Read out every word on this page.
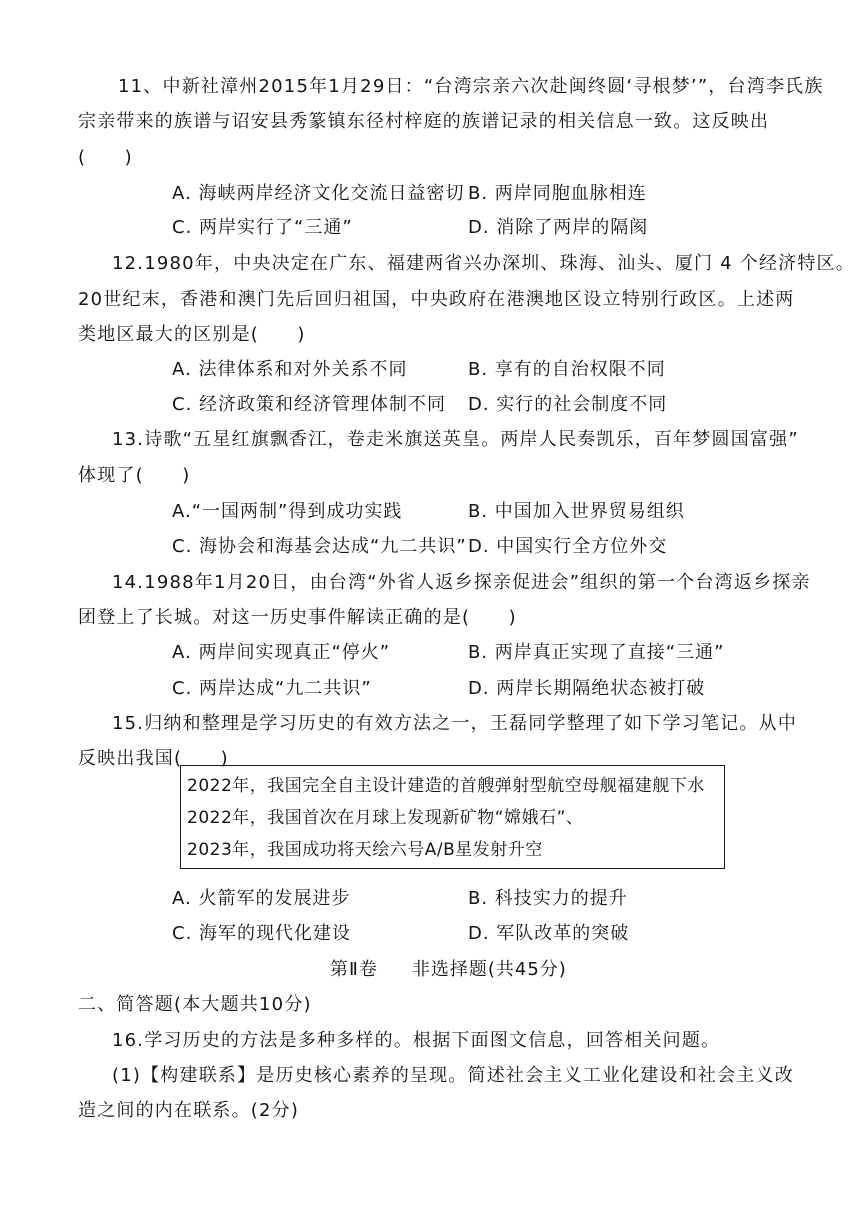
11、中新社漳州2015年1月29日：“台湾宗亲六次赴闽终圆‘寻根梦’”，台湾李氏族
宗亲带来的族谱与诏安县秀篆镇东径村梓庭的族谱记录的相关信息一致。这反映出
(　　)
A. 海峡两岸经济文化交流日益密切 B. 两岸同胞血脉相连
C. 两岸实行了“三通”	D. 消除了两岸的隔阂
12.1980年，中央决定在广东、福建两省兴办深圳、珠海、汕头、厦门 4 个经济特区。
20世纪末，香港和澳门先后回归祖国，中央政府在港澳地区设立特别行政区。上述两
类地区最大的区别是(　　)
A. 法律体系和对外关系不同	B. 享有的自治权限不同
C. 经济政策和经济管理体制不同 D. 实行的社会制度不同
13.诗歌“五星红旗飘香江，卷走米旗送英皇。两岸人民奏凯乐，百年梦圆国富强”
体现了(　　)
A.“一国两制”得到成功实践	B. 中国加入世界贸易组织
C. 海协会和海基会达成“九二共识” D. 中国实行全方位外交
14.1988年1月20日，由台湾“外省人返乡探亲促进会”组织的第一个台湾返乡探亲
团登上了长城。对这一历史事件解读正确的是(　　)
A. 两岸间实现真正“停火”	B. 两岸真正实现了直接“三通”
C. 两岸达成“九二共识”	D. 两岸长期隔绝状态被打破
15.归纳和整理是学习历史的有效方法之一，王磊同学整理了如下学习笔记。从中
反映出我国(　　)
2022年，我国完全自主设计建造的首艘弹射型航空母舰福建舰下水
2022年，我国首次在月球上发现新矿物“嫦娥石”、
2023年，我国成功将天绘六号A/B星发射升空
A. 火箭军的发展进步	B. 科技实力的提升
C. 海军的现代化建设	D. 军队改革的突破
第Ⅱ卷 非选择题(共45分)
二、简答题(本大题共10分)
16.学习历史的方法是多种多样的。根据下面图文信息，回答相关问题。
(1)【构建联系】是历史核心素养的呈现。简述社会主义工业化建设和社会主义改
造之间的内在联系。(2分)
